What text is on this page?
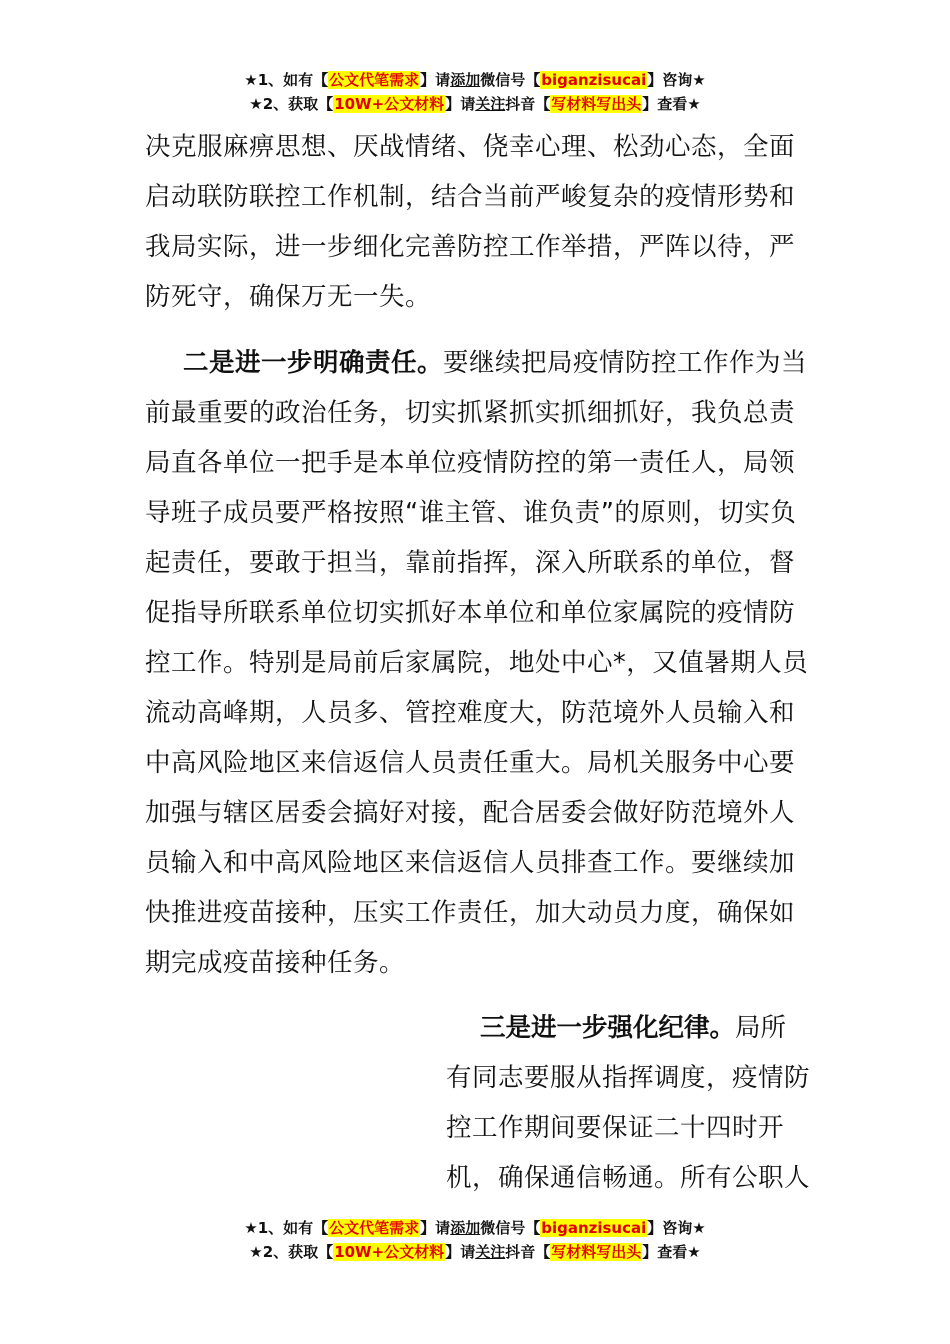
★1、如有【公文代笔需求】请添加微信号【biganzisucai】咨询★
★2、获取【10W+公文材料】请关注抖音【写材料写出头】查看★

决克服麻痹思想、厌战情绪、侥幸心理、松劲心态，全面启动联防联控工作机制，结合当前严峻复杂的疫情形势和我局实际，进一步细化完善防控工作举措，严阵以待，严防死守，确保万无一失。

二是进一步明确责任。要继续把局疫情防控工作作为当前最重要的政治任务，切实抓紧抓实抓细抓好，我负总责局直各单位一把手是本单位疫情防控的第一责任人，局领导班子成员要严格按照“谁主管、谁负责”的原则，切实负起责任，要敢于担当，靠前指挥，深入所联系的单位，督促指导所联系单位切实抓好本单位和单位家属院的疫情防控工作。特别是局前后家属院，地处中心*，又值暑期人员流动高峰期，人员多、管控难度大，防范境外人员输入和中高风险地区来信返信人员责任重大。局机关服务中心要加强与辖区居委会搞好对接，配合居委会做好防范境外人员输入和中高风险地区来信返信人员排查工作。要继续加快推进疫苗接种，压实工作责任，加大动员力度，确保如期完成疫苗接种任务。

三是进一步强化纪律。局所
有同志要服从指挥调度，疫情防
控工作期间要保证二十四时开
机，确保通信畅通。所有公职人
★1、如有【公文代笔需求】请添加微信号【biganzisucai】咨询★
★2、获取【10W+公文材料】请关注抖音【写材料写出头】查看★
